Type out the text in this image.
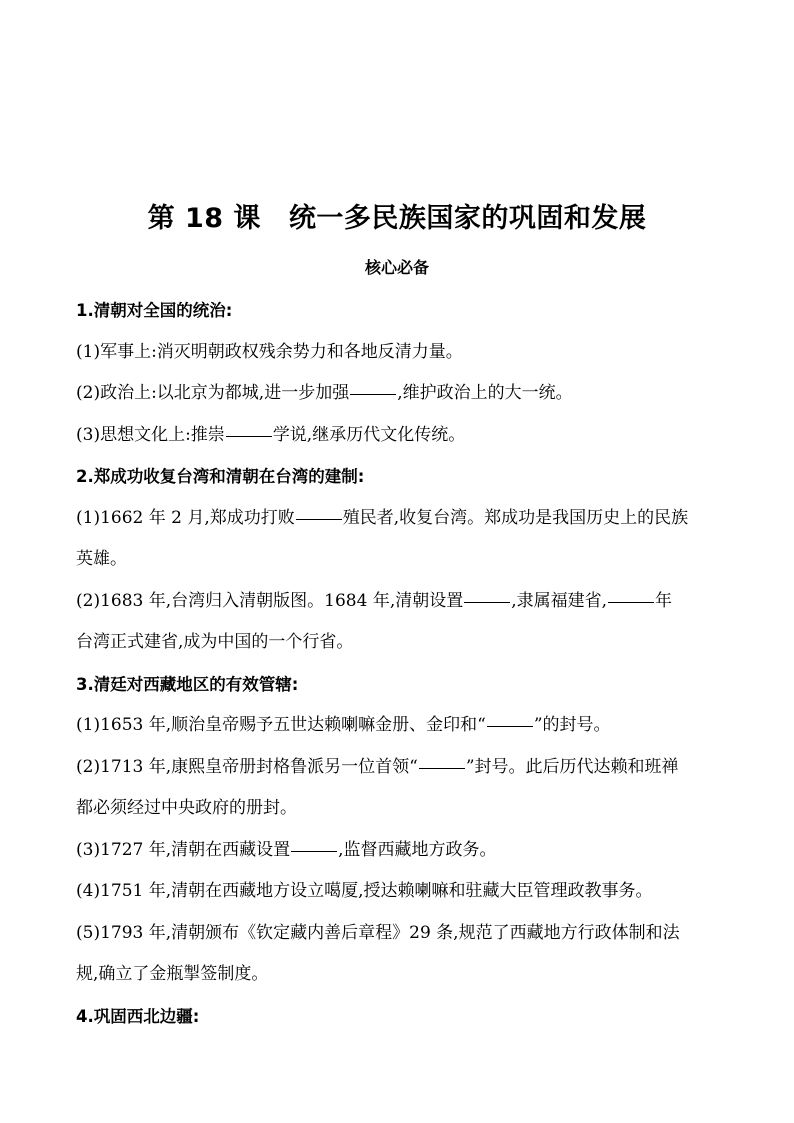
第 18 课 统一多民族国家的巩固和发展
核心必备
1.清朝对全国的统治:
(1)军事上:消灭明朝政权残余势力和各地反清力量。
(2)政治上:以北京为都城,进一步加强	,维护政治上的大一统。
(3)思想文化上:推崇	学说,继承历代文化传统。
2.郑成功收复台湾和清朝在台湾的建制:
(1)1662 年 2 月,郑成功打败	殖民者,收复台湾。郑成功是我国历史上的民族
英雄。
(2)1683 年,台湾归入清朝版图。1684 年,清朝设置	,隶属福建省,	年
台湾正式建省,成为中国的一个行省。
3.清廷对西藏地区的有效管辖:
(1)1653 年,顺治皇帝赐予五世达赖喇嘛金册、金印和“	”的封号。
(2)1713 年,康熙皇帝册封格鲁派另一位首领“	”封号。此后历代达赖和班禅
都必须经过中央政府的册封。
(3)1727 年,清朝在西藏设置	,监督西藏地方政务。
(4)1751 年,清朝在西藏地方设立噶厦,授达赖喇嘛和驻藏大臣管理政教事务。
(5)1793 年,清朝颁布《钦定藏内善后章程》29 条,规范了西藏地方行政体制和法
规,确立了金瓶掣签制度。
4.巩固西北边疆:
